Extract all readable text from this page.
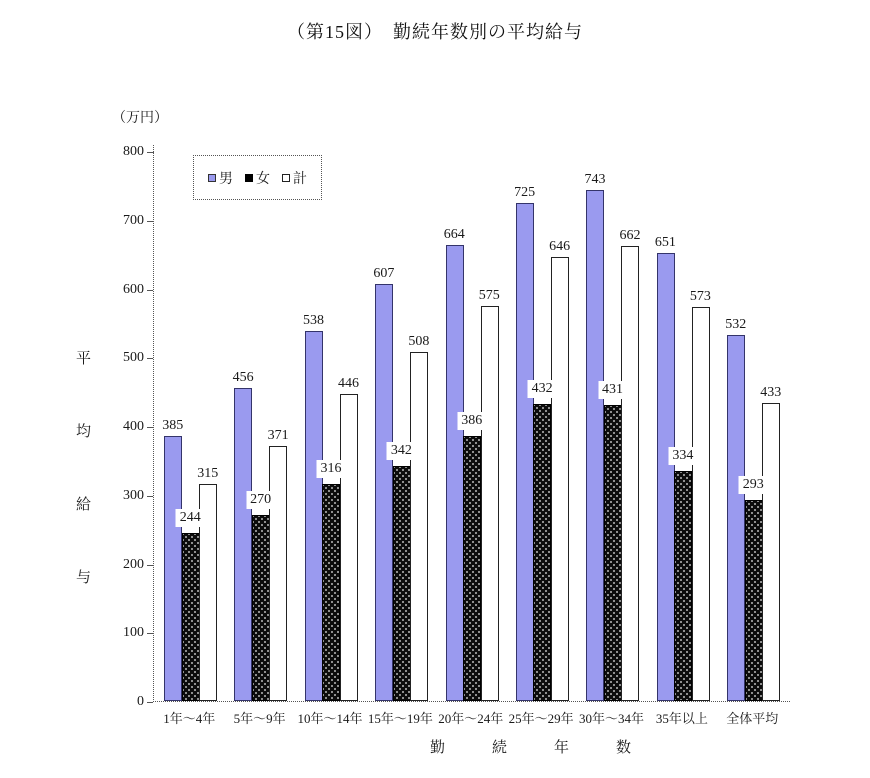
（第15図）　勤続年数別の平均給与
（万円）
平
均
給
与
385
244
315
456
270
371
538
316
446
607
342
508
664
386
575
725
432
646
743
431
662
651
334
573
532
293
433
男 女 計
勤	続	年	数
800
700
600
500
400
300
200
100
0
1年〜4年 5年〜9年 10年〜14年 15年〜19年 20年〜24年 25年〜29年 30年〜34年 35年以上 全体平均
